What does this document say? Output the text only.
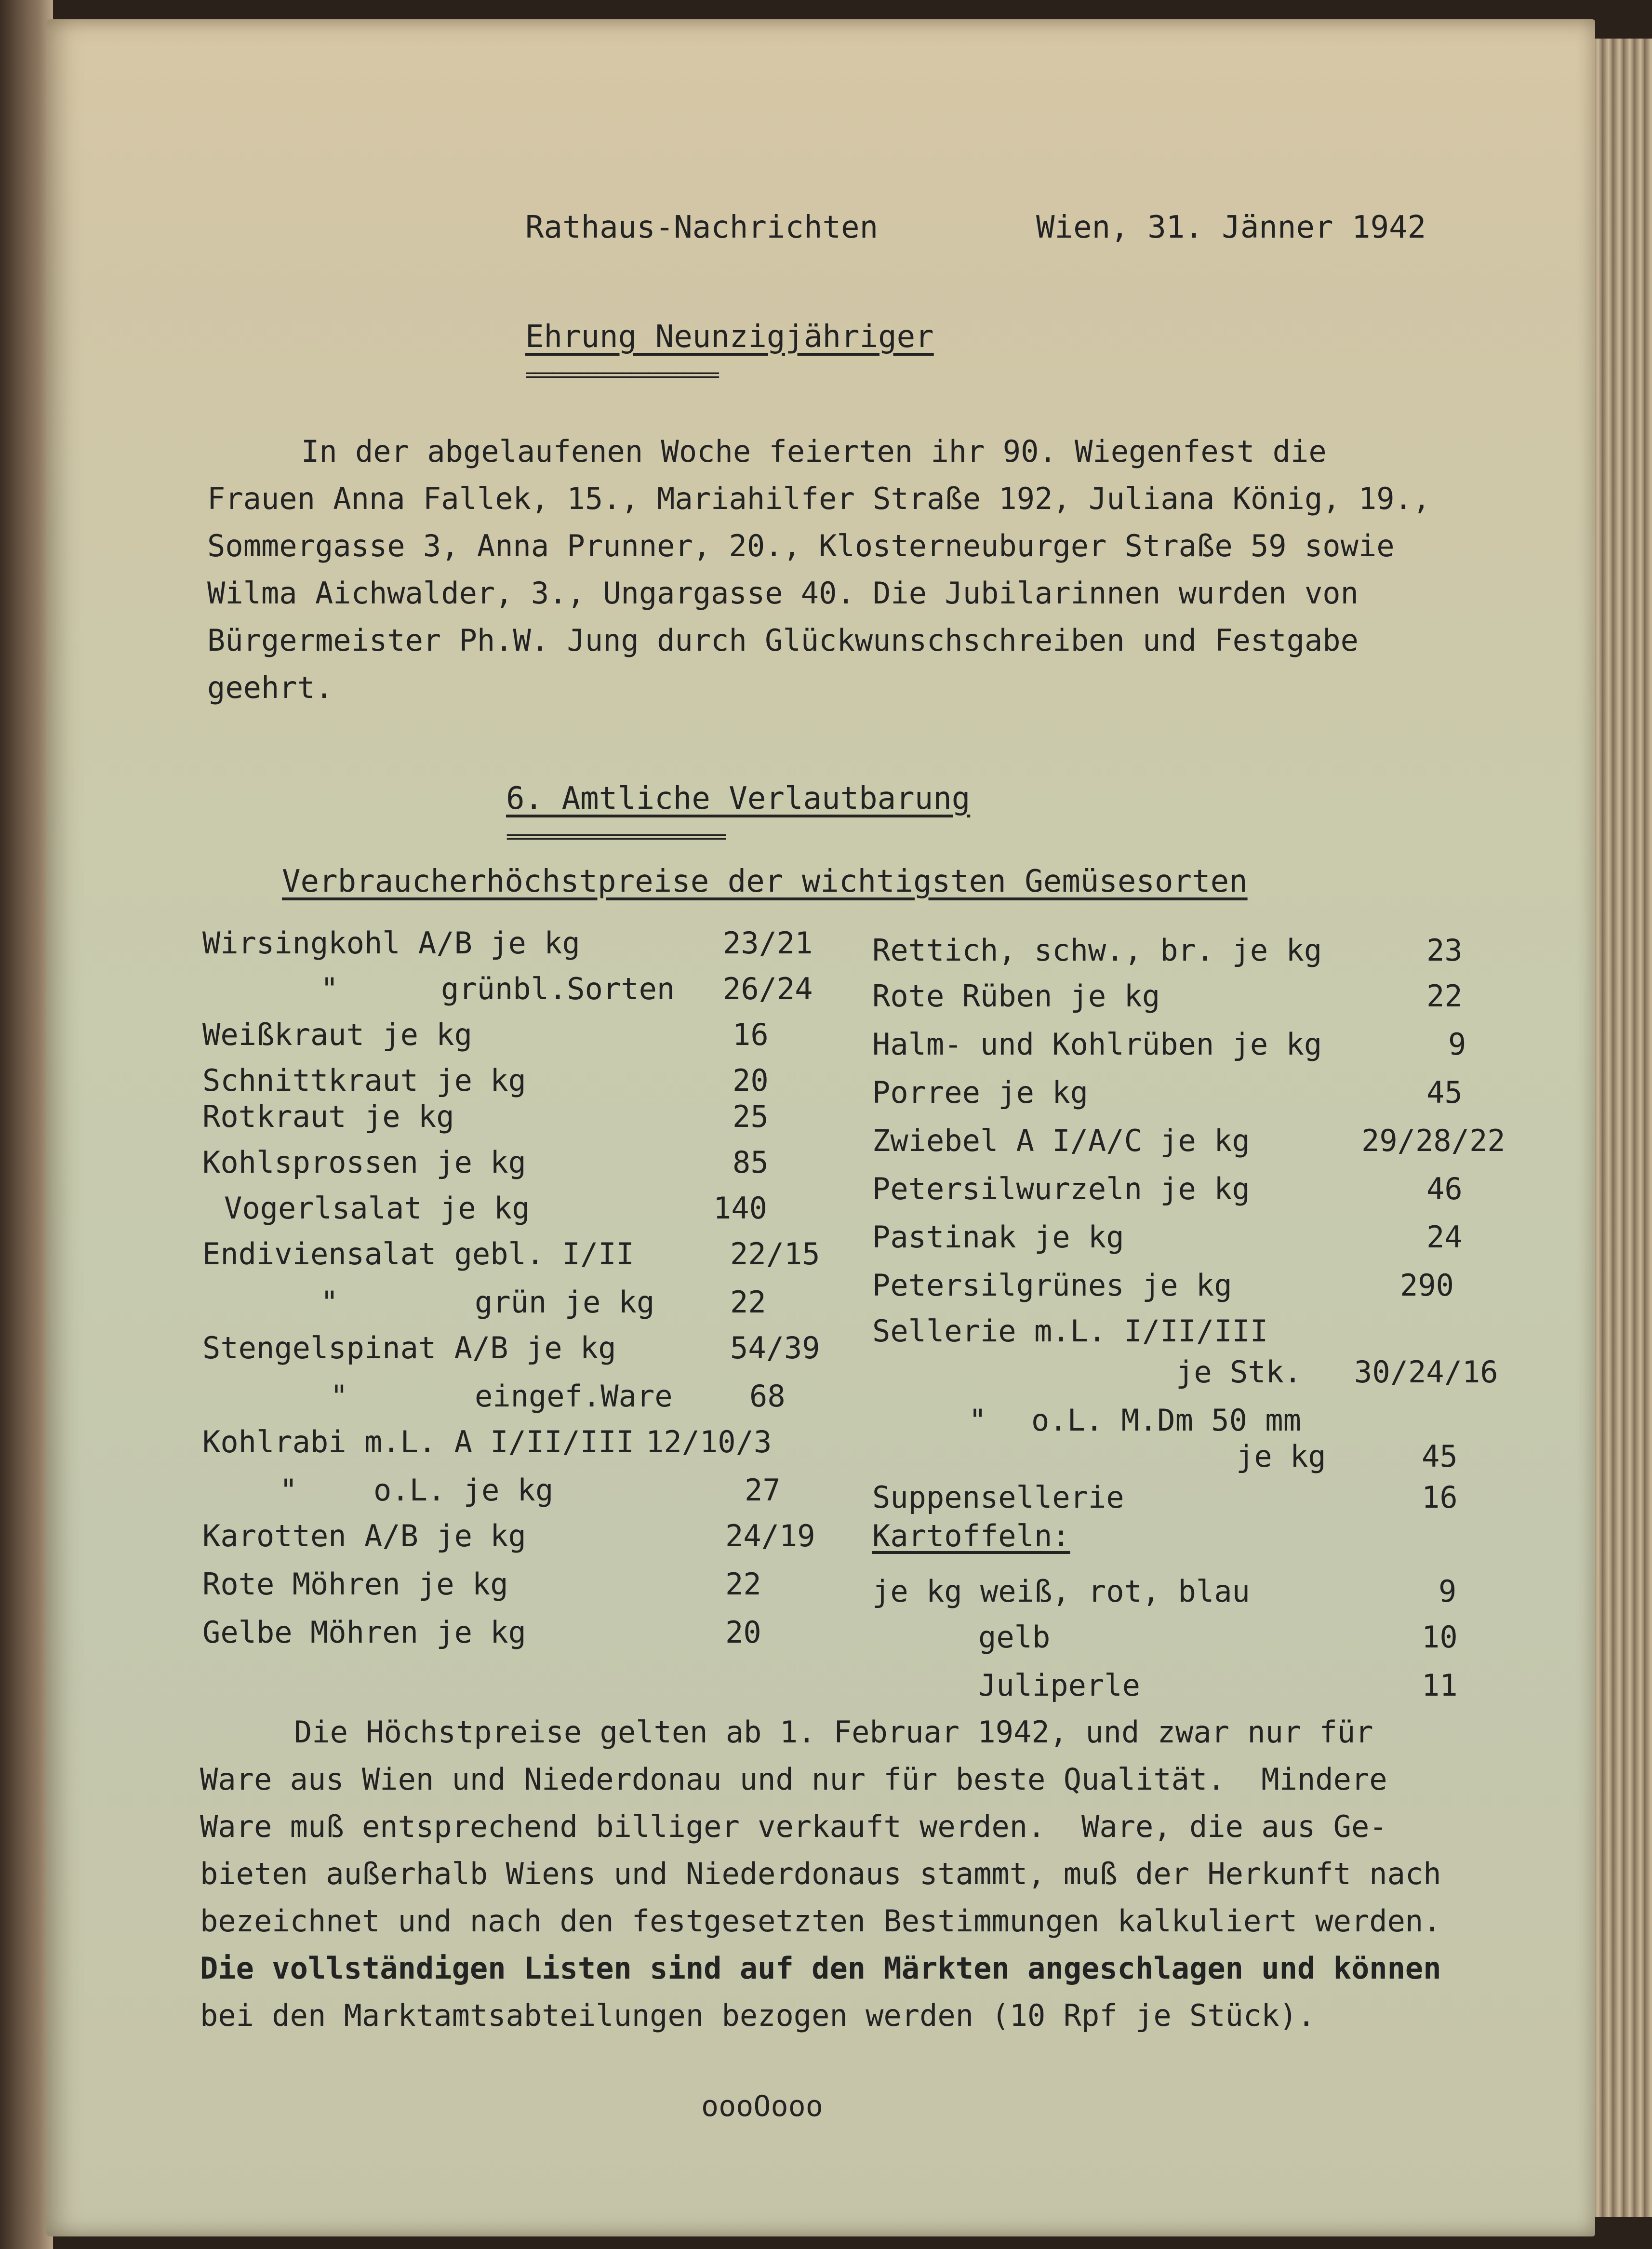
Rathaus-Nachrichten	Wien, 31. Jänner 1942
Ehrung Neunzigjähriger
======================
In der abgelaufenen Woche feierten ihr 90. Wiegenfest die
Frauen Anna Fallek, 15., Mariahilfer Straße 192, Juliana König, 19.,
Sommergasse 3, Anna Prunner, 20., Klosterneuburger Straße 59 sowie
Wilma Aichwalder, 3., Ungargasse 40. Die Jubilarinnen wurden von
Bürgermeister Ph.W. Jung durch Glückwunschschreiben und Festgabe
geehrt.
6. Amtliche Verlautbarung
=========================
Verbraucherhöchstpreise der wichtigsten Gemüsesorten
Wirsingkohl A/B je kg	23/21
"	grünbl.Sorten 26/24
Weißkraut je kg	16
Schnittkraut je kg	20
Rotkraut je kg	25
Kohlsprossen je kg	85
Vogerlsalat je kg	140
Endiviensalat gebl. I/II	22/15
"	grün je kg	22
Stengelspinat A/B je kg	54/39
"	eingef.Ware	68
Kohlrabi m.L. A I/II/III 12/10/3
"	o.L. je kg	27
Karotten A/B je kg	24/19
Rote Möhren je kg	22
Gelbe Möhren je kg	20
Rettich, schw., br. je kg	23
Rote Rüben je kg	22
Halm- und Kohlrüben je kg	9
Porree je kg	45
Zwiebel A I/A/C je kg	29/28/22
Petersilwurzeln je kg	46
Pastinak je kg	24
Petersilgrünes je kg	290
Sellerie m.L. I/II/III
je Stk. 30/24/16
" o.L. M.Dm 50 mm
je kg	45
Suppensellerie	16
Kartoffeln:
je kg weiß, rot, blau	9
gelb	10
Juliperle	11
Die Höchstpreise gelten ab 1. Februar 1942, und zwar nur für
Ware aus Wien und Niederdonau und nur für beste Qualität.  Mindere
Ware muß entsprechend billiger verkauft werden.  Ware, die aus Ge-
bieten außerhalb Wiens und Niederdonaus stammt, muß der Herkunft nach
bezeichnet und nach den festgesetzten Bestimmungen kalkuliert werden.
Die vollständigen Listen sind auf den Märkten angeschlagen und können
bei den Marktamtsabteilungen bezogen werden (10 Rpf je Stück).
oooOooo
